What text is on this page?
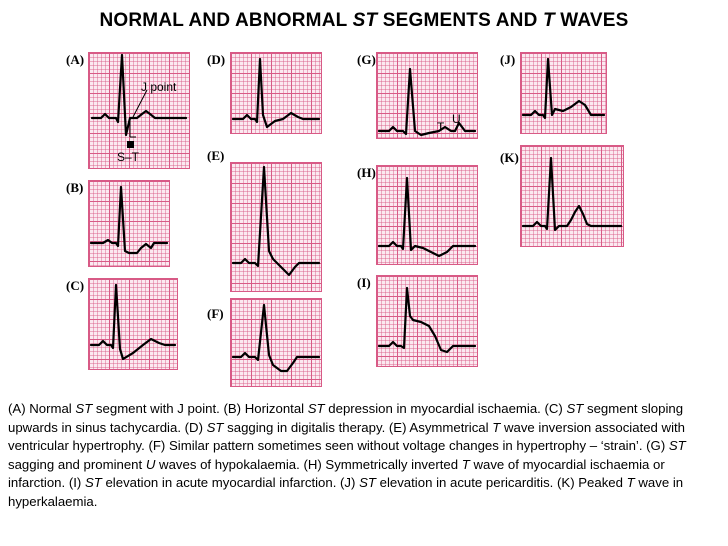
NORMAL AND ABNORMAL ST SEGMENTS AND T WAVES
(A)
J point
S–T
(B)
(C)
(D)
(E)
(F)
(G)
T
U
(H)
(I)
(J)
(K)
(A) Normal ST segment with J point. (B) Horizontal ST depression in myocardial ischaemia. (C) ST segment sloping upwards in sinus tachycardia. (D) ST sagging in digitalis therapy. (E) Asymmetrical T wave inversion associated with ventricular hypertrophy. (F) Similar pattern sometimes seen without voltage changes in hypertrophy – ‘strain’. (G) ST sagging and prominent U waves of hypokalaemia. (H) Symmetrically inverted T wave of myocardial ischaemia or infarction. (I) ST elevation in acute myocardial infarction. (J) ST elevation in acute pericarditis. (K) Peaked T wave in hyperkalaemia.
